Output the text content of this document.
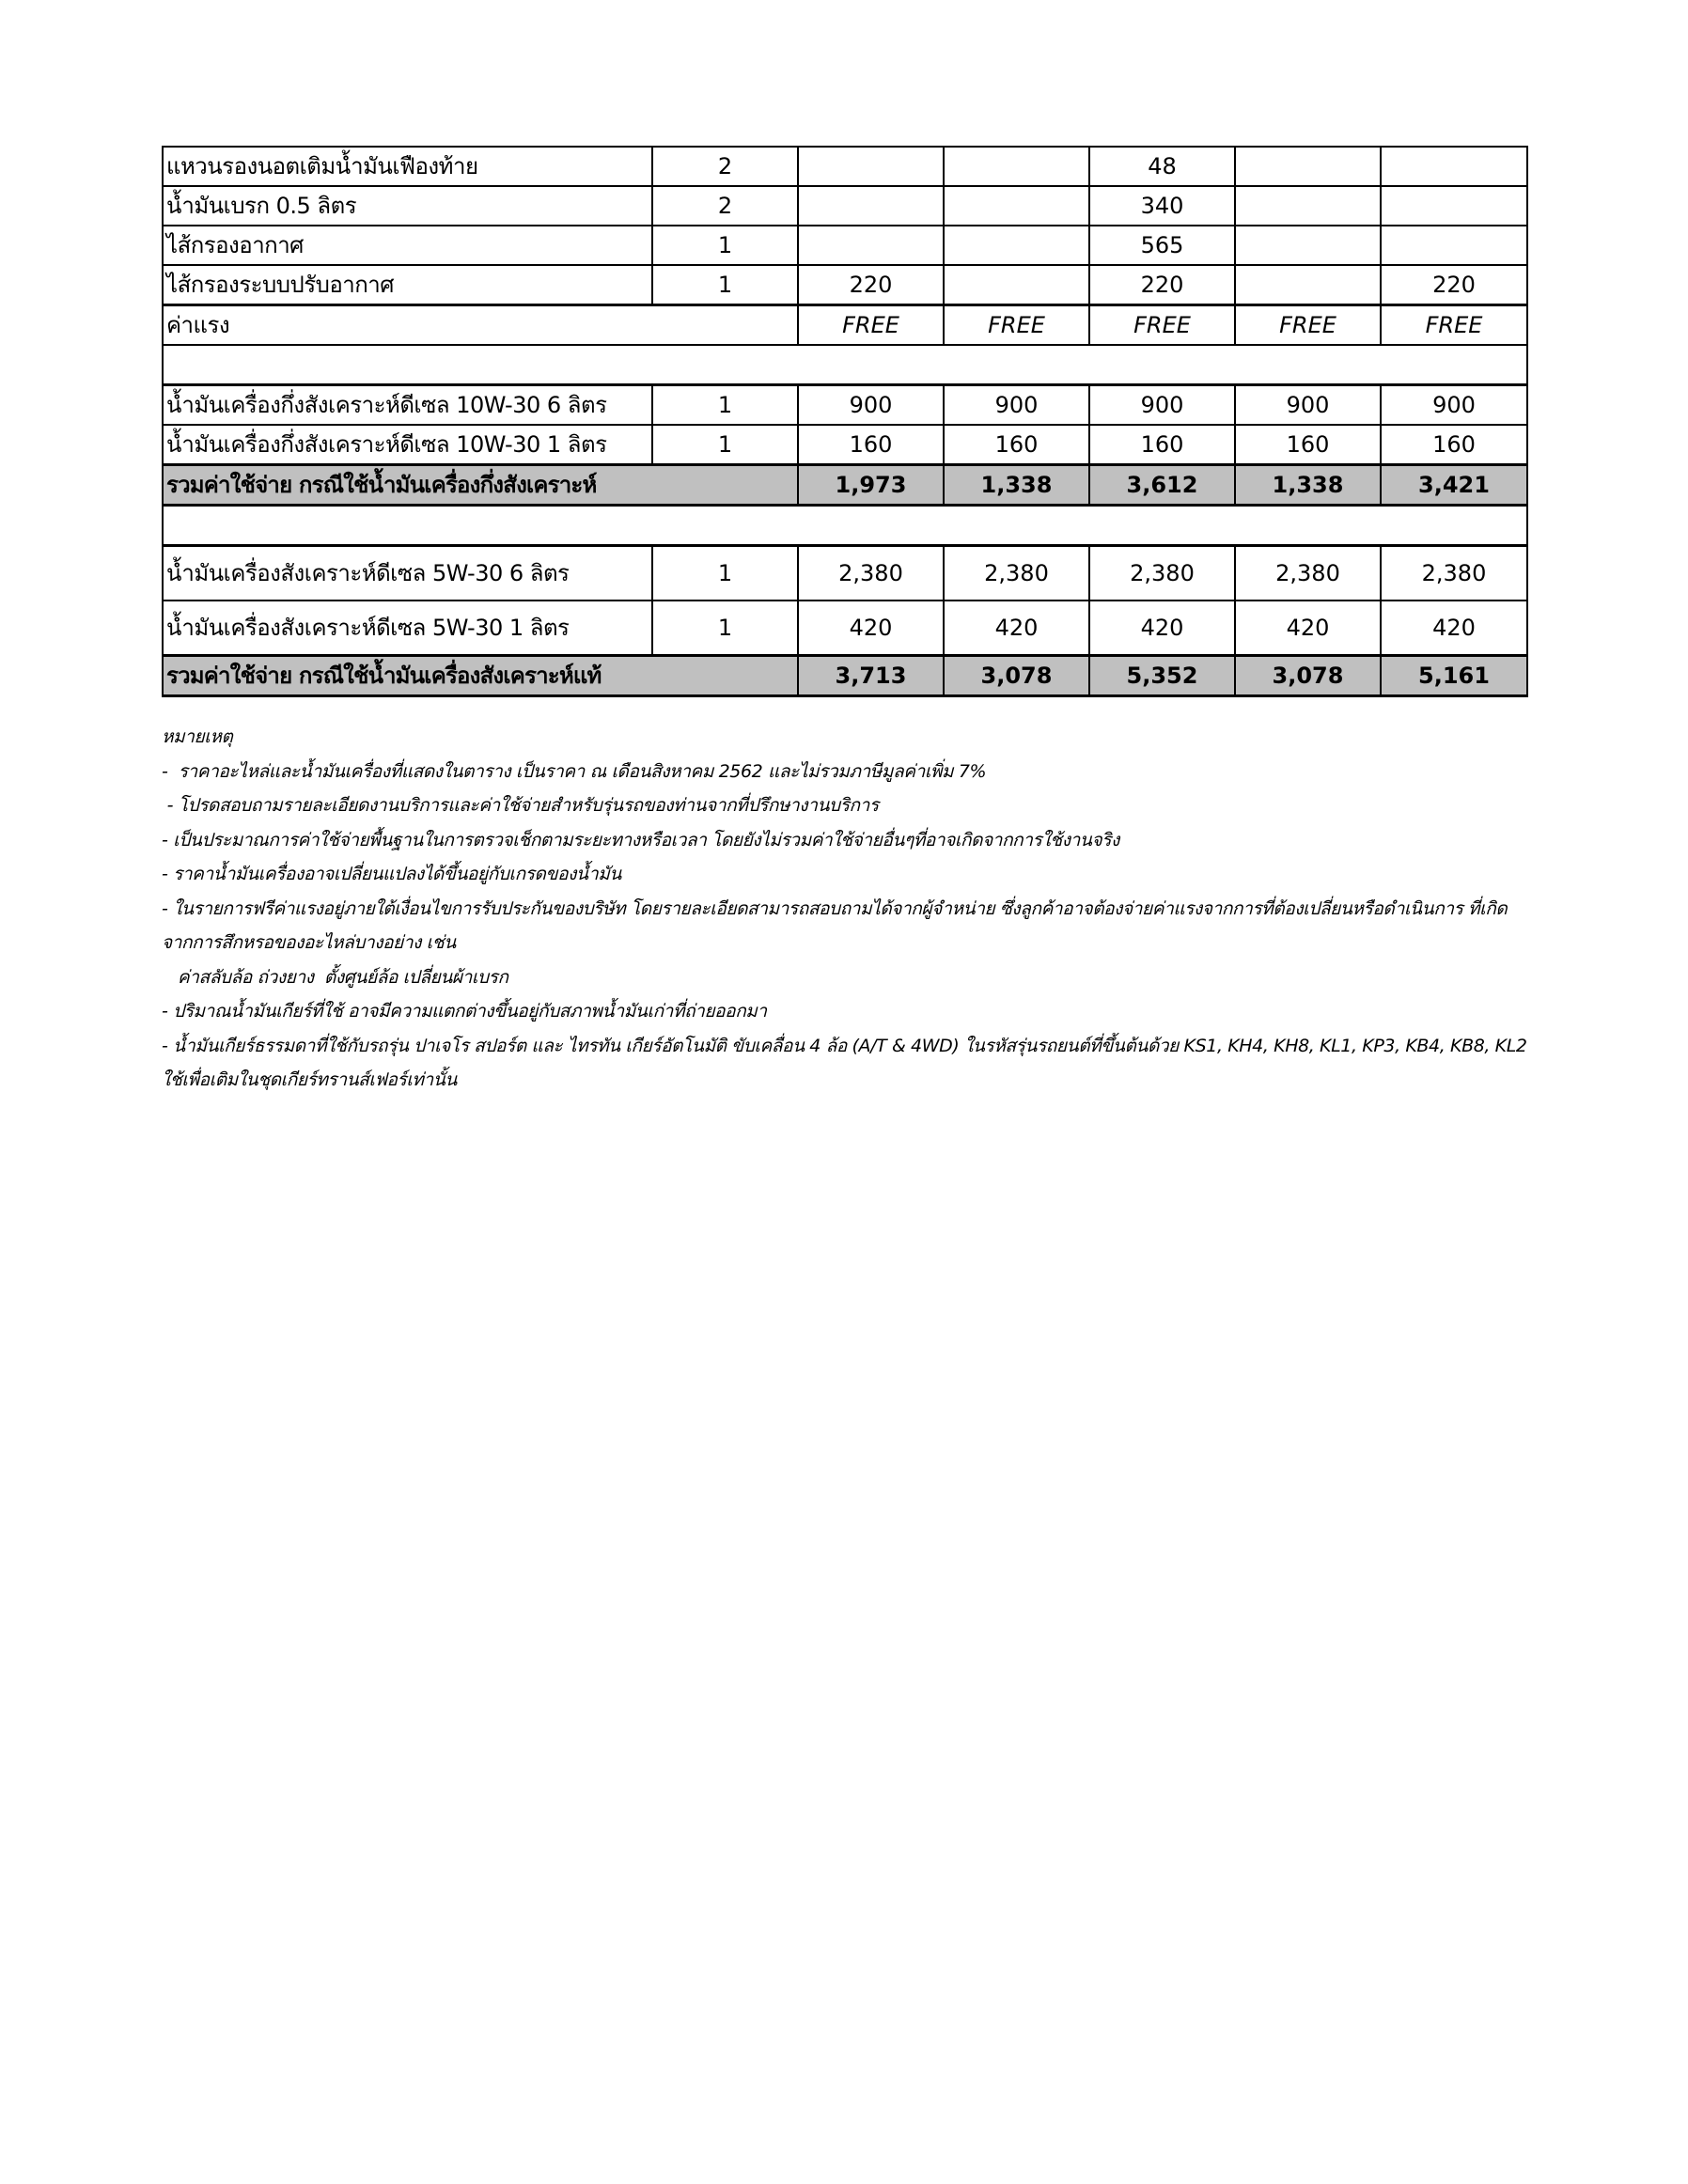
แหวนรองนอตเติมน้ำมันเฟืองท้าย	2			48		
น้ำมันเบรก 0.5 ลิตร	2			340		
ไส้กรองอากาศ	1			565		
ไส้กรองระบบปรับอากาศ	1	220		220		220
ค่าแรง		FREE	FREE	FREE	FREE	FREE

น้ำมันเครื่องกึ่งสังเคราะห์ดีเซล 10W-30 6 ลิตร	1	900	900	900	900	900
น้ำมันเครื่องกึ่งสังเคราะห์ดีเซล 10W-30 1 ลิตร	1	160	160	160	160	160
รวมค่าใช้จ่าย กรณีใช้น้ำมันเครื่องกึ่งสังเคราะห์		1,973	1,338	3,612	1,338	3,421

น้ำมันเครื่องสังเคราะห์ดีเซล 5W-30 6 ลิตร	1	2,380	2,380	2,380	2,380	2,380
น้ำมันเครื่องสังเคราะห์ดีเซล 5W-30 1 ลิตร	1	420	420	420	420	420
รวมค่าใช้จ่าย กรณีใช้น้ำมันเครื่องสังเคราะห์แท้		3,713	3,078	5,352	3,078	5,161
หมายเหตุ
-  ราคาอะไหล่และน้ำมันเครื่องที่แสดงในตาราง เป็นราคา ณ เดือนสิงหาคม 2562 และไม่รวมภาษีมูลค่าเพิ่ม 7%
- โปรดสอบถามรายละเอียดงานบริการและค่าใช้จ่ายสำหรับรุ่นรถของท่านจากที่ปรึกษางานบริการ
- เป็นประมาณการค่าใช้จ่ายพื้นฐานในการตรวจเช็กตามระยะทางหรือเวลา โดยยังไม่รวมค่าใช้จ่ายอื่นๆที่อาจเกิดจากการใช้งานจริง
- ราคาน้ำมันเครื่องอาจเปลี่ยนแปลงได้ขึ้นอยู่กับเกรดของน้ำมัน
- ในรายการฟรีค่าแรงอยู่ภายใต้เงื่อนไขการรับประกันของบริษัท โดยรายละเอียดสามารถสอบถามได้จากผู้จำหน่าย ซึ่งลูกค้าอาจต้องจ่ายค่าแรงจากการที่ต้องเปลี่ยนหรือดำเนินการ ที่เกิด
จากการสึกหรอของอะไหล่บางอย่าง เช่น
ค่าสลับล้อ ถ่วงยาง  ตั้งศูนย์ล้อ เปลี่ยนผ้าเบรก
- ปริมาณน้ำมันเกียร์ที่ใช้ อาจมีความแตกต่างขึ้นอยู่กับสภาพน้ำมันเก่าที่ถ่ายออกมา
- น้ำมันเกียร์ธรรมดาที่ใช้กับรถรุ่น ปาเจโร สปอร์ต และ ไทรทัน เกียร์อัตโนมัติ ขับเคลื่อน 4 ล้อ (A/T & 4WD) ในรหัสรุ่นรถยนต์ที่ขึ้นต้นด้วย KS1, KH4, KH8, KL1, KP3, KB4, KB8, KL2
ใช้เพื่อเติมในชุดเกียร์ทรานส์เฟอร์เท่านั้น
